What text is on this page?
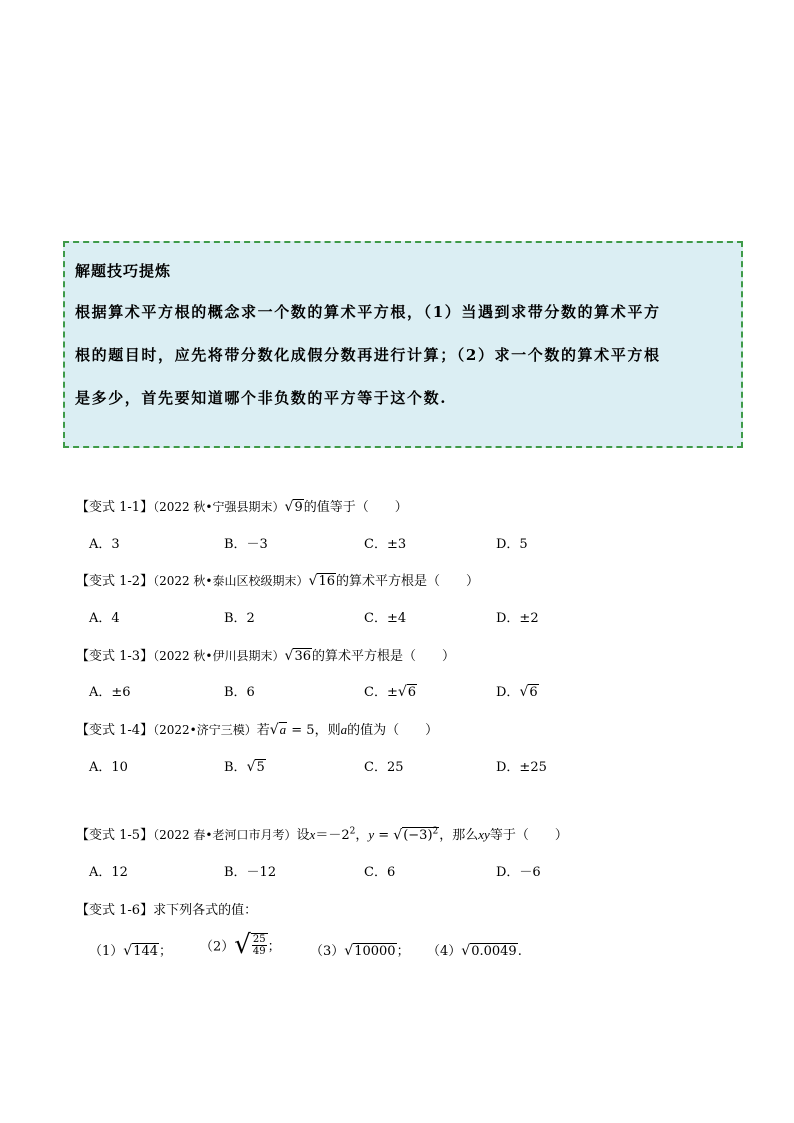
解题技巧提炼
根据算术平方根的概念求一个数的算术平方根，（1）当遇到求带分数的算术平方
根的题目时，应先将带分数化成假分数再进行计算；（2）求一个数的算术平方根
是多少，首先要知道哪个非负数的平方等于这个数.
【变式 1-1】（2022 秋•宁强县期末）√9的值等于（　　）
A．3	B．－3	C．±3	D．5
【变式 1-2】（2022 秋•泰山区校级期末）√16的算术平方根是（　　）
A．4	B．2	C．±4	D．±2
【变式 1-3】（2022 秋•伊川县期末）√36的算术平方根是（　　）
A．±6	B．6	C．±√6	D．√6
【变式 1-4】（2022•济宁三模）若√a = 5，则a的值为（　　）
A．10	B．√5	C．25	D．±25
【变式 1-5】（2022 春•老河口市月考）设$x=-2^2$，$y = √(-3)^2$，那么xy等于（　　）
A．12	B．－12	C．6	D．－6
【变式 1-6】求下列各式的值：
（1）√144； $(2)√ \frac{25}{49}$ ； （3）√10000； （4）√0.0049.
